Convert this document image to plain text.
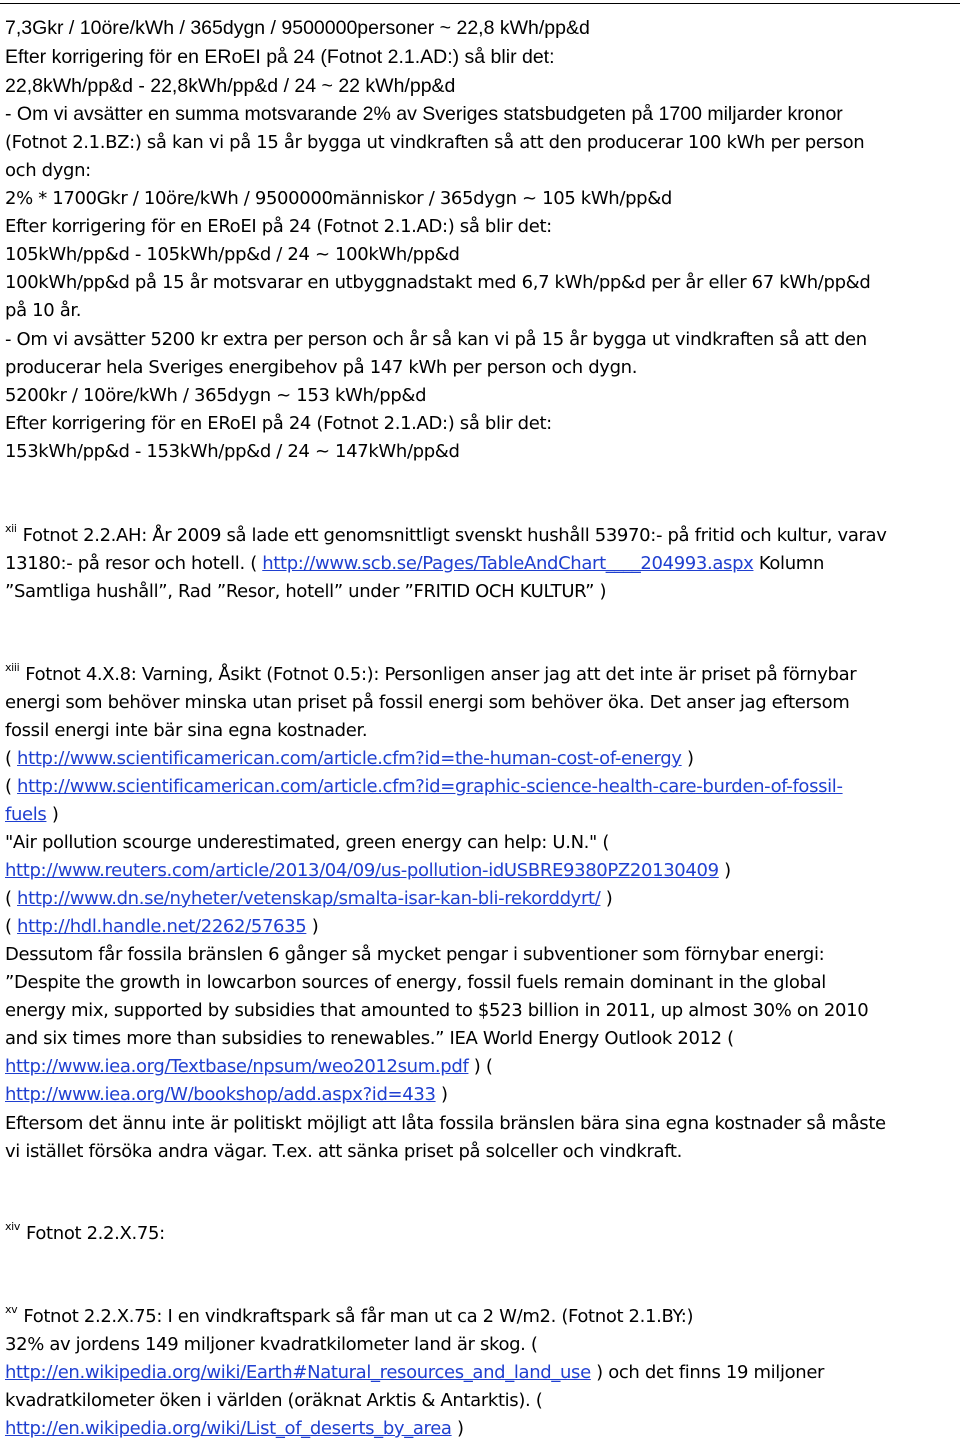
7,3Gkr / 10öre/kWh / 365dygn / 9500000personer ~ 22,8 kWh/pp&d
Efter korrigering för en ERoEI på 24 (Fotnot 2.1.AD:) så blir det:
22,8kWh/pp&d - 22,8kWh/pp&d / 24 ~ 22 kWh/pp&d
- Om vi avsätter en summa motsvarande 2% av Sveriges statsbudgeten på 1700 miljarder kronor
(Fotnot 2.1.BZ:) så kan vi på 15 år bygga ut vindkraften så att den producerar 100 kWh per person
och dygn:
2% * 1700Gkr / 10öre/kWh / 9500000människor / 365dygn ~ 105 kWh/pp&d
Efter korrigering för en ERoEI på 24 (Fotnot 2.1.AD:) så blir det:
105kWh/pp&d - 105kWh/pp&d / 24 ~ 100kWh/pp&d
100kWh/pp&d på 15 år motsvarar en utbyggnadstakt med 6,7 kWh/pp&d per år eller 67 kWh/pp&d
på 10 år.
- Om vi avsätter 5200 kr extra per person och år så kan vi på 15 år bygga ut vindkraften så att den
producerar hela Sveriges energibehov på 147 kWh per person och dygn.
5200kr / 10öre/kWh / 365dygn ~ 153 kWh/pp&d
Efter korrigering för en ERoEI på 24 (Fotnot 2.1.AD:) så blir det:
153kWh/pp&d - 153kWh/pp&d / 24 ~ 147kWh/pp&d
$^{xii}$ Fotnot 2.2.AH: År 2009 så lade ett genomsnittligt svenskt hushåll 53970:- på fritid och kultur, varav
13180:- på resor och hotell. ( http://www.scb.se/Pages/TableAndChart____204993.aspx Kolumn
”Samtliga hushåll”, Rad ”Resor, hotell” under ”FRITID OCH KULTUR” )
$^{xiii}$ Fotnot 4.X.8: Varning, Åsikt (Fotnot 0.5:): Personligen anser jag att det inte är priset på förnybar
energi som behöver minska utan priset på fossil energi som behöver öka. Det anser jag eftersom
fossil energi inte bär sina egna kostnader.
( http://www.scientificamerican.com/article.cfm?id=the-human-cost-of-energy )
( http://www.scientificamerican.com/article.cfm?id=graphic-science-health-care-burden-of-fossil-
fuels )
"Air pollution scourge underestimated, green energy can help: U.N." (
http://www.reuters.com/article/2013/04/09/us-pollution-idUSBRE9380PZ20130409 )
( http://www.dn.se/nyheter/vetenskap/smalta-isar-kan-bli-rekorddyrt/ )
( http://hdl.handle.net/2262/57635 )
Dessutom får fossila bränslen 6 gånger så mycket pengar i subventioner som förnybar energi:
”Despite the growth in lowcarbon sources of energy, fossil fuels remain dominant in the global
energy mix, supported by subsidies that amounted to $523 billion in 2011, up almost 30% on 2010
and six times more than subsidies to renewables.” IEA World Energy Outlook 2012 (
http://www.iea.org/Textbase/npsum/weo2012sum.pdf ) (
http://www.iea.org/W/bookshop/add.aspx?id=433 )
Eftersom det ännu inte är politiskt möjligt att låta fossila bränslen bära sina egna kostnader så måste
vi istället försöka andra vägar. T.ex. att sänka priset på solceller och vindkraft.
$^{xiv}$ Fotnot 2.2.X.75:
$^{xv}$ Fotnot 2.2.X.75: I en vindkraftspark så får man ut ca 2 W/m2. (Fotnot 2.1.BY:)
32% av jordens 149 miljoner kvadratkilometer land är skog. (
http://en.wikipedia.org/wiki/Earth#Natural_resources_and_land_use ) och det finns 19 miljoner
kvadratkilometer öken i världen (oräknat Arktis & Antarktis). (
http://en.wikipedia.org/wiki/List_of_deserts_by_area )
